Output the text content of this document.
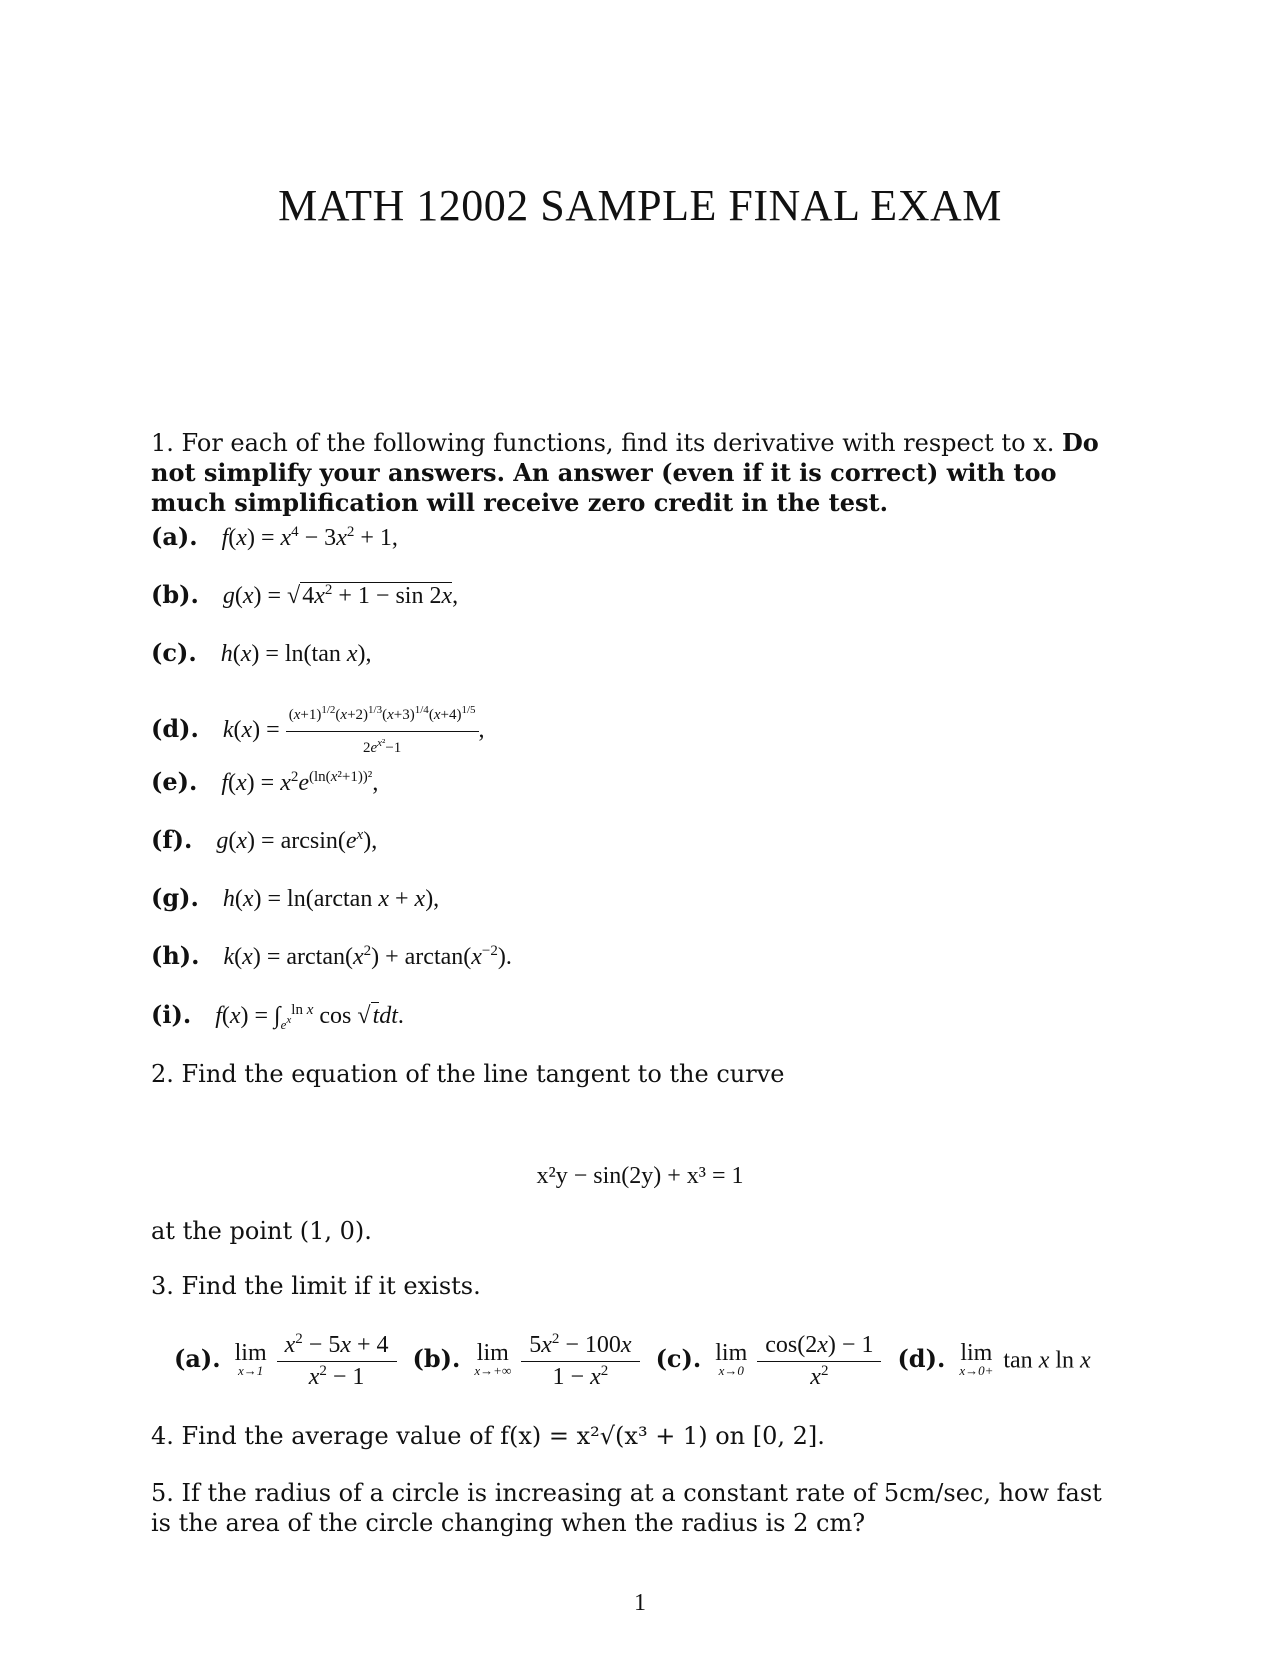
MATH 12002 SAMPLE FINAL EXAM
1. For each of the following functions, find its derivative with respect to x. Do not simplify your answers. An answer (even if it is correct) with too much simplification will receive zero credit in the test.
(a). $f(x) = x^4 - 3x^2 + 1$,
(b). $g(x) = √4x^2 + 1 - \sin 2x$,
(c). h(x) = ln(tan x),
(d). $k(x) = \frac{(x+1)^{1/2}(x+2)^{1/3}(x+3)^{1/4}(x+4)^{1/5}}{2e^{x^2}-1}$ ,
(e). $f(x) = x^2e^{(ln(x^2+1))^2}$,
(f). $g(x) = \arcsin(e^x)$,
(g). h(x) = ln(arctan x + x),
(h). $k(x) = \arctan(x^2) + \arctan(x^{-2})$.
(i). $f(x) = \int_{e^x}^{ln x}$ cos √tdt.
2. Find the equation of the line tangent to the curve
x²y − sin(2y) + x³ = 1
at the point (1, 0).
3. Find the limit if it exists.
(a). lim
x→1
$\frac{x^2 - 5x + 4}{x^2 - 1} (b)$. lim
x→+∞
$\frac{5x^2 - 100x}{1 - x^2} (c)$. lim
x→0
$\frac{\cos(2x) - 1}{x^2} (d)$. lim
x→0+ tan x ln x
4. Find the average value of f(x) = x²√(x³ + 1) on [0, 2].
5. If the radius of a circle is increasing at a constant rate of 5cm/sec, how fast is the area of the circle changing when the radius is 2 cm?
1
